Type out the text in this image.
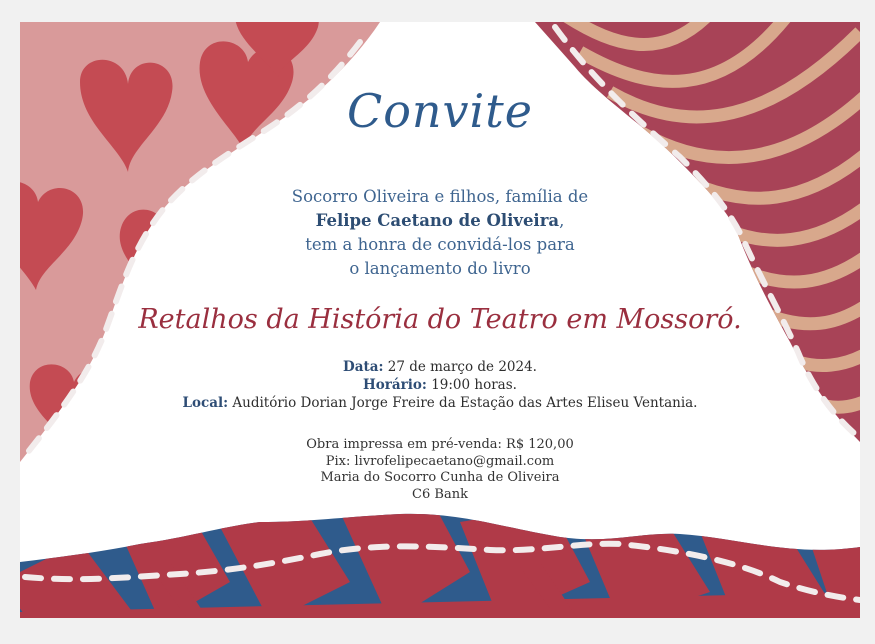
Convite
Socorro Oliveira e filhos, família de
Felipe Caetano de Oliveira,
tem a honra de convidá-los para
o lançamento do livro
Retalhos da História do Teatro em Mossoró.
Data: 27 de março de 2024.
Horário: 19:00 horas.
Local: Auditório Dorian Jorge Freire da Estação das Artes Eliseu Ventania.
Obra impressa em pré-venda: R$ 120,00
Pix: livrofelipecaetano@gmail.com
Maria do Socorro Cunha de Oliveira
C6 Bank
